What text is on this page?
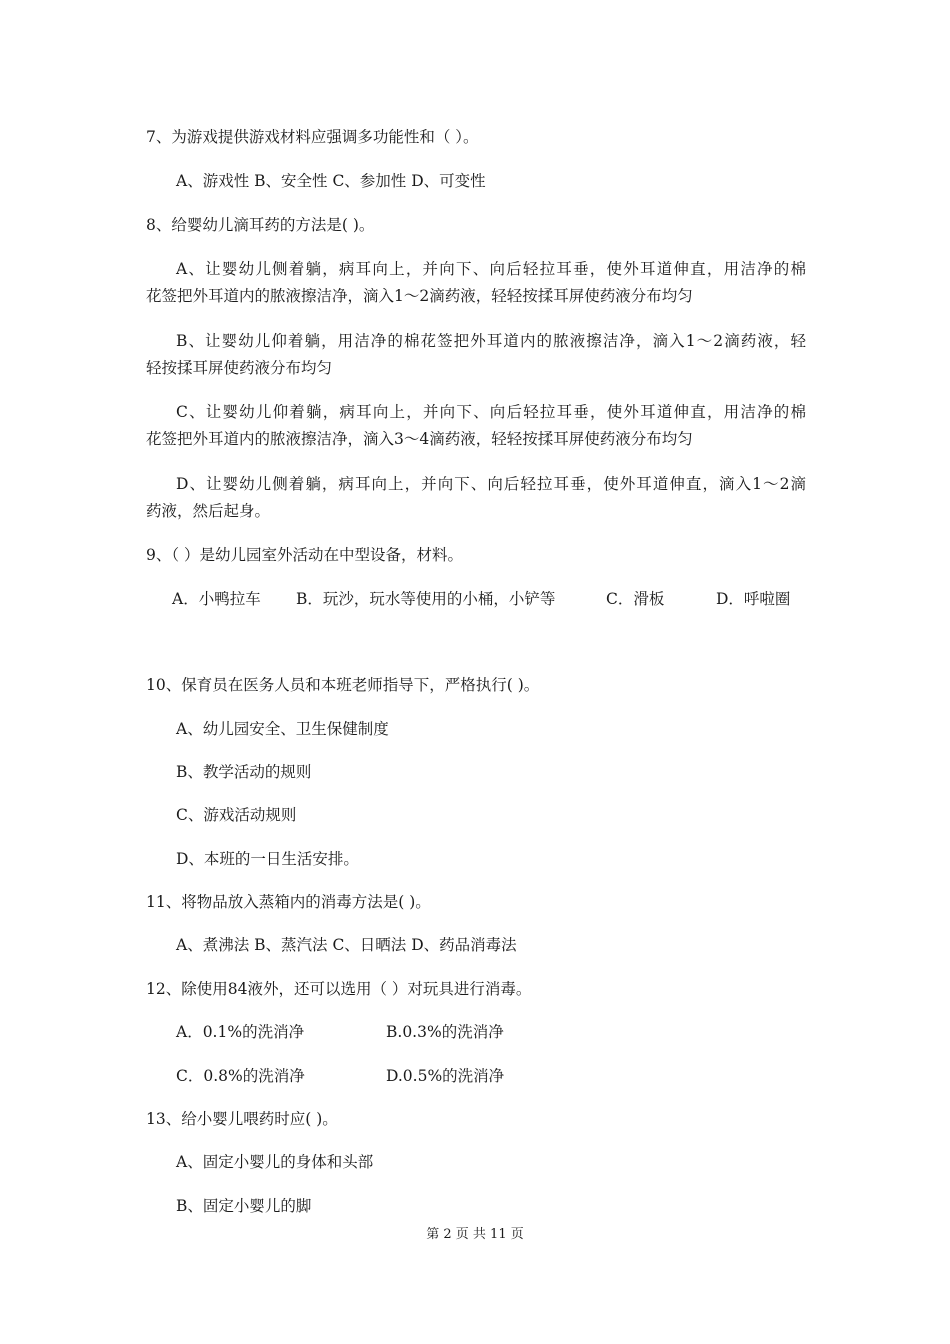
7、为游戏提供游戏材料应强调多功能性和（ ）。
A、游戏性 B、安全性 C、参加性 D、可变性
8、给婴幼儿滴耳药的方法是( )。
A、让婴幼儿侧着躺，病耳向上，并向下、向后轻拉耳垂，使外耳道伸直，用洁净的棉
花签把外耳道内的脓液擦洁净，滴入1～2滴药液，轻轻按揉耳屏使药液分布均匀
B、让婴幼儿仰着躺，用洁净的棉花签把外耳道内的脓液擦洁净，滴入1～2滴药液，轻
轻按揉耳屏使药液分布均匀
C、让婴幼儿仰着躺，病耳向上，并向下、向后轻拉耳垂，使外耳道伸直，用洁净的棉
花签把外耳道内的脓液擦洁净，滴入3～4滴药液，轻轻按揉耳屏使药液分布均匀
D、让婴幼儿侧着躺，病耳向上，并向下、向后轻拉耳垂，使外耳道伸直，滴入1～2滴
药液，然后起身。
9、（ ）是幼儿园室外活动在中型设备，材料。
A．小鸭拉车 B．玩沙，玩水等使用的小桶，小铲等	C．滑板	D．呼啦圈
10、保育员在医务人员和本班老师指导下，严格执行( )。
A、幼儿园安全、卫生保健制度
B、教学活动的规则
C、游戏活动规则
D、本班的一日生活安排。
11、将物品放入蒸箱内的消毒方法是( )。
A、煮沸法 B、蒸汽法 C、日晒法 D、药品消毒法
12、除使用84液外，还可以选用（ ）对玩具进行消毒。
A．0.1%的洗消净	B.0.3%的洗消净
C．0.8%的洗消净	D.0.5%的洗消净
13、给小婴儿喂药时应( )。
A、固定小婴儿的身体和头部
B、固定小婴儿的脚
第 2 页 共 11 页
